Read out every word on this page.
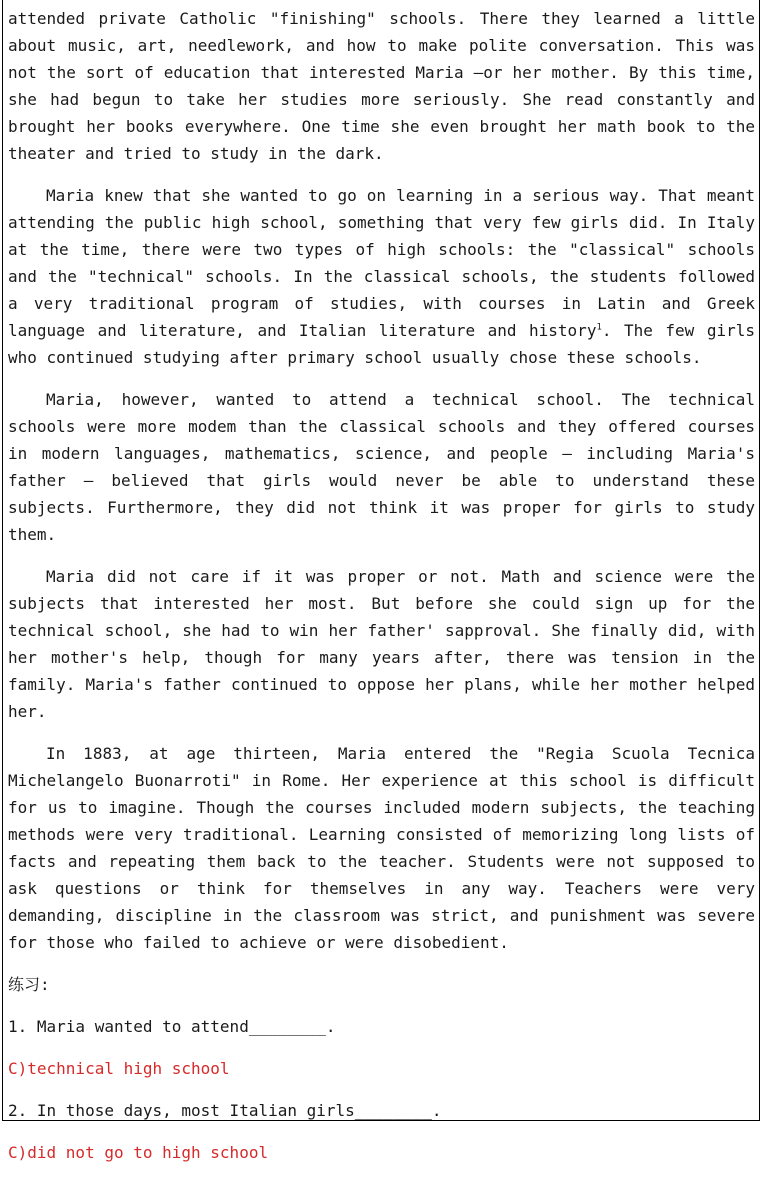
attended private Catholic "finishing" schools. There they learned a little about music, art, needlework, and how to make polite conversation. This was not the sort of education that interested Maria —or her mother. By this time, she had begun to take her studies more seriously. She read constantly and brought her books everywhere. One time she even brought her math book to the theater and tried to study in the dark.

Maria knew that she wanted to go on learning in a serious way. That meant attending the public high school, something that very few girls did. In Italy at the time, there were two types of high schools: the "classical" schools and the "technical" schools. In the classical schools, the students followed a very traditional program of studies, with courses in Latin and Greek language and literature, and Italian literature and history$^1$. The few girls who continued studying after primary school usually chose these schools.

Maria, however, wanted to attend a technical school. The technical schools were more modem than the classical schools and they offered courses in modern languages, mathematics, science, and people — including Maria's father — believed that girls would never be able to understand these subjects. Furthermore, they did not think it was proper for girls to study them.

Maria did not care if it was proper or not. Math and science were the subjects that interested her most. But before she could sign up for the technical school, she had to win her father' sapproval. She finally did, with her mother's help, though for many years after, there was tension in the family. Maria's father continued to oppose her plans, while her mother helped her.

In 1883, at age thirteen, Maria entered the "Regia Scuola Tecnica Michelangelo Buonarroti" in Rome. Her experience at this school is difficult for us to imagine. Though the courses included modern subjects, the teaching methods were very traditional. Learning consisted of memorizing long lists of facts and repeating them back to the teacher. Students were not supposed to ask questions or think for themselves in any way. Teachers were very demanding, discipline in the classroom was strict, and punishment was severe for those who failed to achieve or were disobedient.

练习:
1. Maria wanted to attend________.
C)technical high school
2. In those days, most Italian girls________.
C)did not go to high school
